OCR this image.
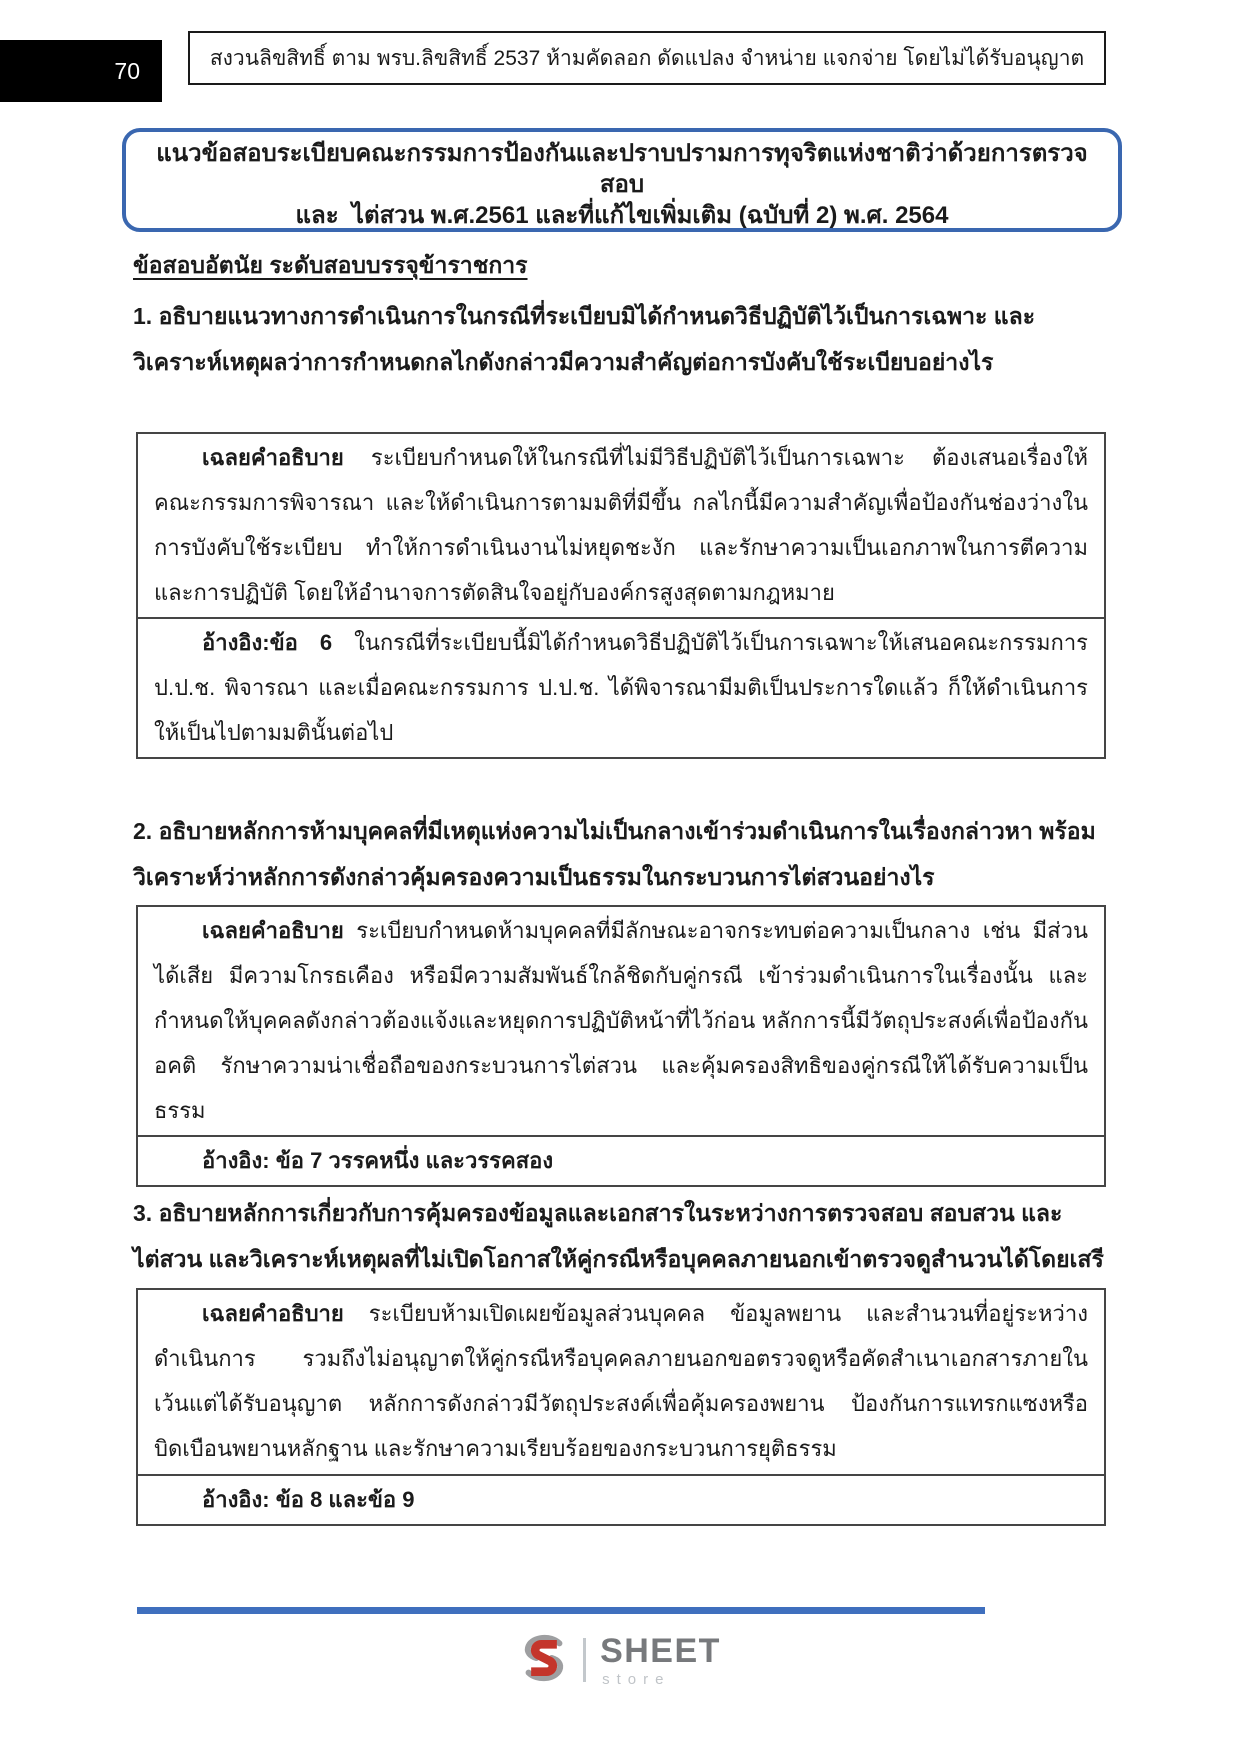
70	สงวนลิขสิทธิ์ ตาม พรบ.ลิขสิทธิ์ 2537 ห้ามคัดลอก ดัดแปลง จำหน่าย แจกจ่าย โดยไม่ได้รับอนุญาต
แนวข้อสอบระเบียบคณะกรรมการป้องกันและปราบปรามการทุจริตแห่งชาติว่าด้วยการตรวจสอบ
และ  ไต่สวน พ.ศ.2561 และที่แก้ไขเพิ่มเติม (ฉบับที่ 2) พ.ศ. 2564
ข้อสอบอัตนัย ระดับสอบบรรจุข้าราชการ
1. อธิบายแนวทางการดำเนินการในกรณีที่ระเบียบมิได้กำหนดวิธีปฏิบัติไว้เป็นการเฉพาะ และวิเคราะห์เหตุผลว่าการกำหนดกลไกดังกล่าวมีความสำคัญต่อการบังคับใช้ระเบียบอย่างไร

เฉลยคำอธิบาย ระเบียบกำหนดให้ในกรณีที่ไม่มีวิธีปฏิบัติไว้เป็นการเฉพาะ ต้องเสนอเรื่องให้คณะกรรมการพิจารณา และให้ดำเนินการตามมติที่มีขึ้น กลไกนี้มีความสำคัญเพื่อป้องกันช่องว่างในการบังคับใช้ระเบียบ ทำให้การดำเนินงานไม่หยุดชะงัก และรักษาความเป็นเอกภาพในการตีความและการปฏิบัติ โดยให้อำนาจการตัดสินใจอยู่กับองค์กรสูงสุดตามกฎหมาย

อ้างอิง:ข้อ 6 ในกรณีที่ระเบียบนี้มิได้กำหนดวิธีปฏิบัติไว้เป็นการเฉพาะให้เสนอคณะกรรมการ ป.ป.ช. พิจารณา และเมื่อคณะกรรมการ ป.ป.ช. ได้พิจารณามีมติเป็นประการใดแล้ว ก็ให้ดำเนินการให้เป็นไปตามมตินั้นต่อไป

2. อธิบายหลักการห้ามบุคคลที่มีเหตุแห่งความไม่เป็นกลางเข้าร่วมดำเนินการในเรื่องกล่าวหา พร้อมวิเคราะห์ว่าหลักการดังกล่าวคุ้มครองความเป็นธรรมในกระบวนการไต่สวนอย่างไร

เฉลยคำอธิบาย ระเบียบกำหนดห้ามบุคคลที่มีลักษณะอาจกระทบต่อความเป็นกลาง เช่น มีส่วนได้เสีย มีความโกรธเคือง หรือมีความสัมพันธ์ใกล้ชิดกับคู่กรณี เข้าร่วมดำเนินการในเรื่องนั้น และกำหนดให้บุคคลดังกล่าวต้องแจ้งและหยุดการปฏิบัติหน้าที่ไว้ก่อน หลักการนี้มีวัตถุประสงค์เพื่อป้องกันอคติ รักษาความน่าเชื่อถือของกระบวนการไต่สวน และคุ้มครองสิทธิของคู่กรณีให้ได้รับความเป็นธรรม

อ้างอิง: ข้อ 7 วรรคหนึ่ง และวรรคสอง

3. อธิบายหลักการเกี่ยวกับการคุ้มครองข้อมูลและเอกสารในระหว่างการตรวจสอบ สอบสวน และไต่สวน และวิเคราะห์เหตุผลที่ไม่เปิดโอกาสให้คู่กรณีหรือบุคคลภายนอกเข้าตรวจดูสำนวนได้โดยเสรี

เฉลยคำอธิบาย ระเบียบห้ามเปิดเผยข้อมูลส่วนบุคคล ข้อมูลพยาน และสำนวนที่อยู่ระหว่างดำเนินการ รวมถึงไม่อนุญาตให้คู่กรณีหรือบุคคลภายนอกขอตรวจดูหรือคัดสำเนาเอกสารภายใน เว้นแต่ได้รับอนุญาต หลักการดังกล่าวมีวัตถุประสงค์เพื่อคุ้มครองพยาน ป้องกันการแทรกแซงหรือบิดเบือนพยานหลักฐาน และรักษาความเรียบร้อยของกระบวนการยุติธรรม

อ้างอิง: ข้อ 8 และข้อ 9

SHEET
store
